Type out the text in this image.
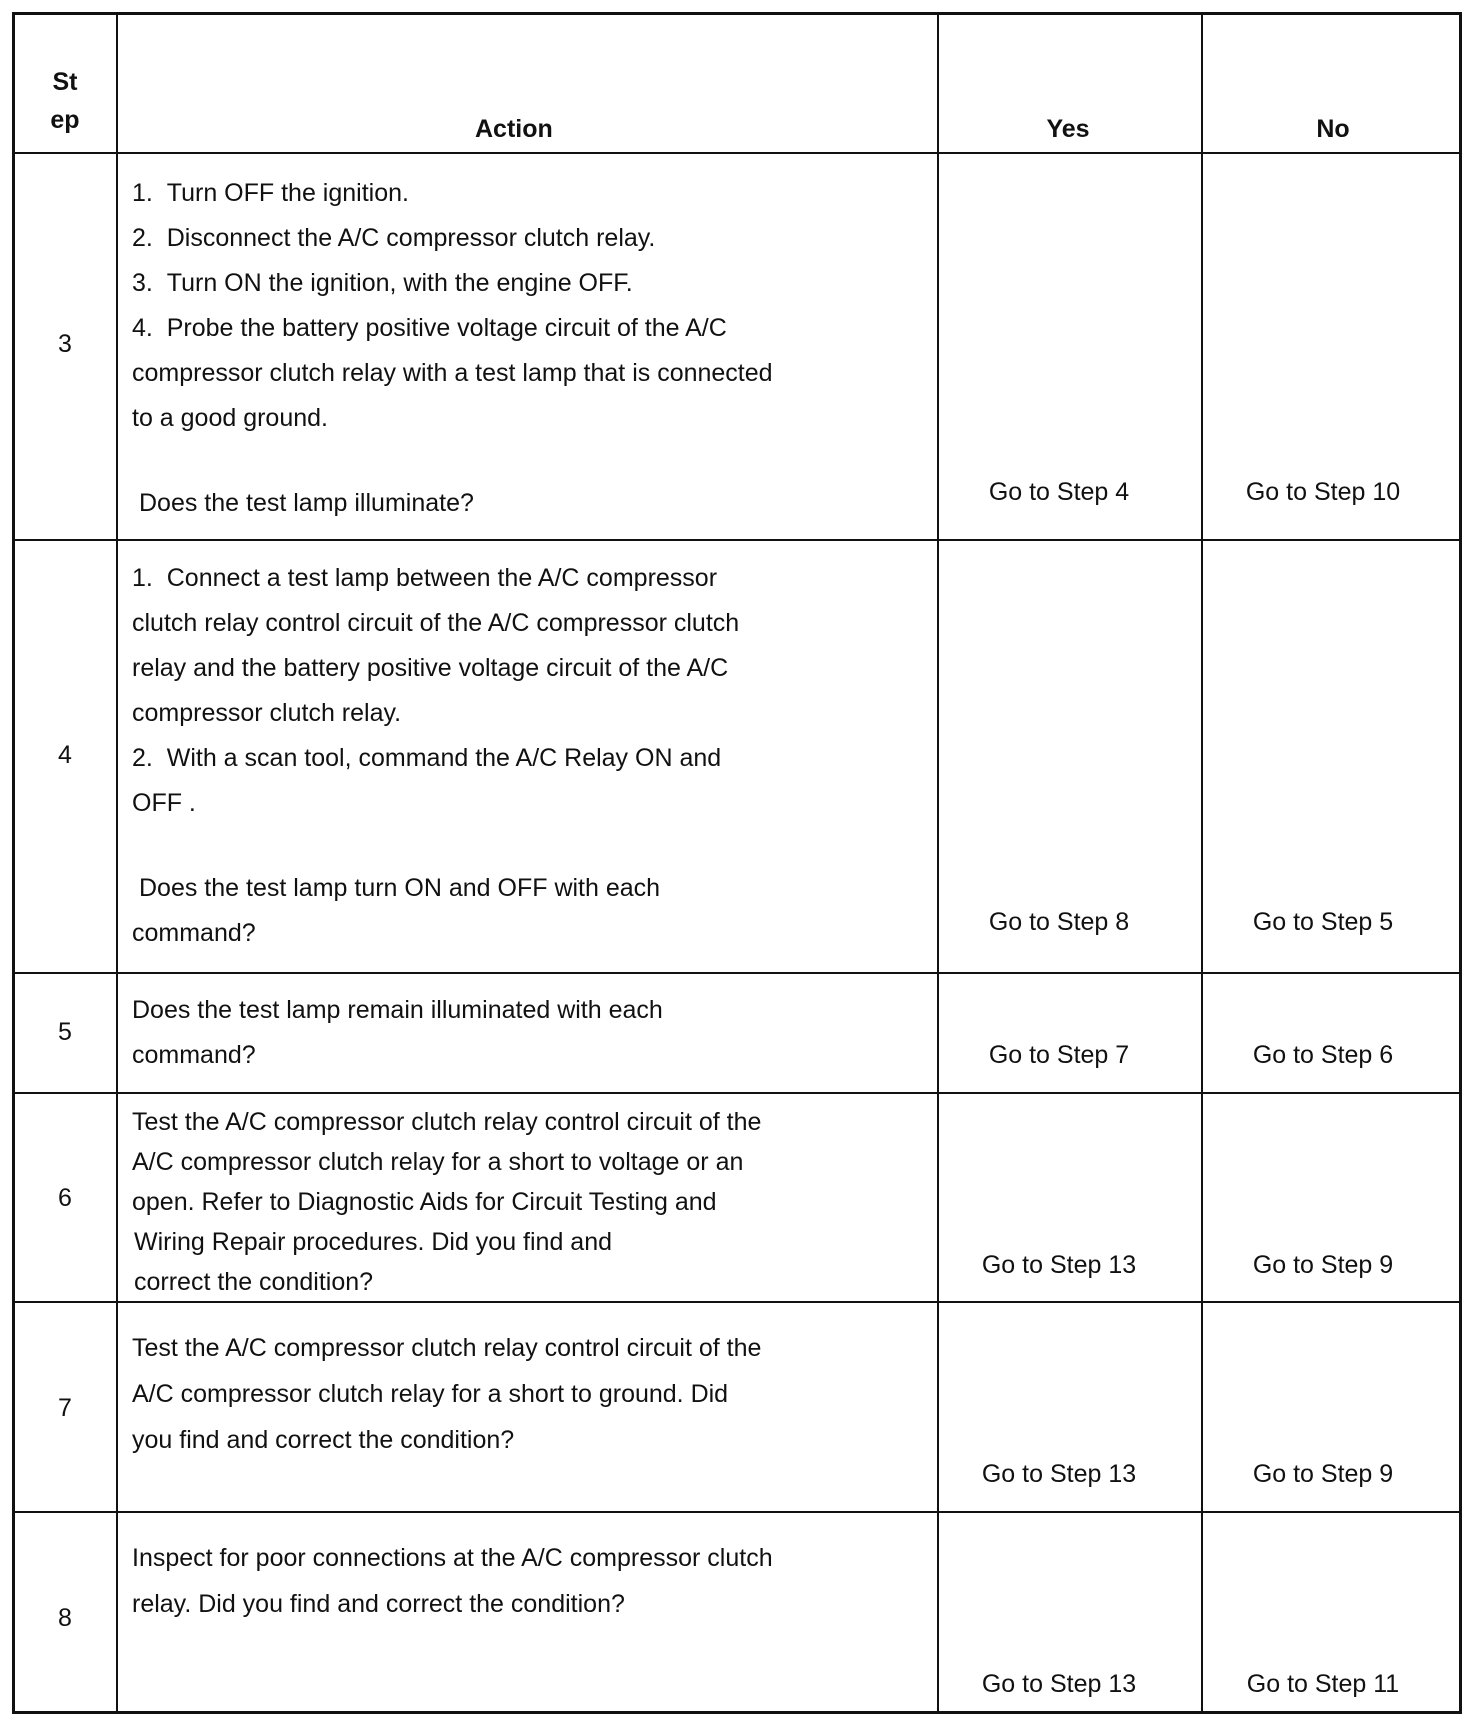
St
ep	Action	Yes	No
3
1.  Turn OFF the ignition.
2.  Disconnect the A/C compressor clutch relay.
3.  Turn ON the ignition, with the engine OFF.
4.  Probe the battery positive voltage circuit of the A/C
compressor clutch relay with a test lamp that is connected
to a good ground.
Does the test lamp illuminate?	Go to Step 4	Go to Step 10
4
1.  Connect a test lamp between the A/C compressor
clutch relay control circuit of the A/C compressor clutch
relay and the battery positive voltage circuit of the A/C
compressor clutch relay.
2.  With a scan tool, command the A/C Relay ON and
OFF .
Does the test lamp turn ON and OFF with each
command?	Go to Step 8	Go to Step 5
5
Does the test lamp remain illuminated with each
command?	Go to Step 7	Go to Step 6
6
Test the A/C compressor clutch relay control circuit of the
A/C compressor clutch relay for a short to voltage or an
open. Refer to Diagnostic Aids for Circuit Testing and
Wiring Repair procedures. Did you find and
correct the condition?
Go to Step 13	Go to Step 9
7
Test the A/C compressor clutch relay control circuit of the
A/C compressor clutch relay for a short to ground. Did
you find and correct the condition?
Go to Step 13	Go to Step 9
8
Inspect for poor connections at the A/C compressor clutch
relay. Did you find and correct the condition?
Go to Step 13	Go to Step 11
